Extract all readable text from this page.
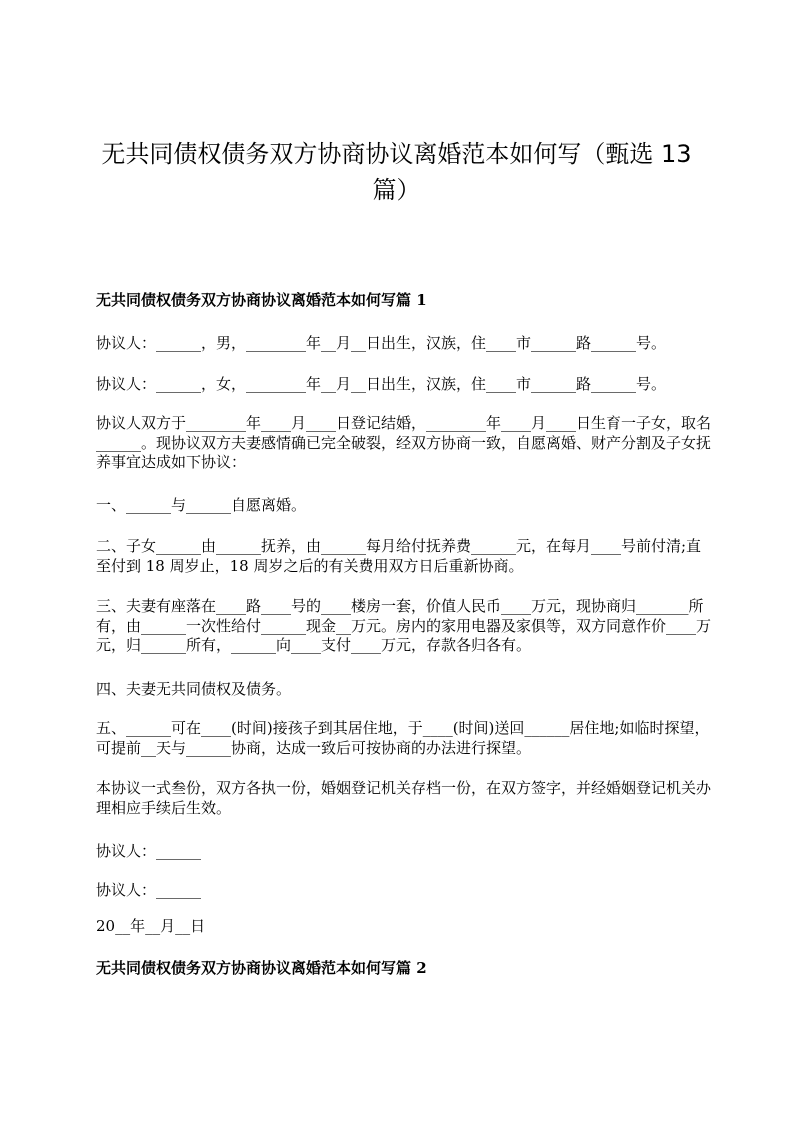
无共同债权债务双方协商协议离婚范本如何写（甄选 13 篇）
无共同债权债务双方协商协议离婚范本如何写篇 1

协议人：______，男，________年__月__日出生，汉族，住____市______路______号。

协议人：______，女，________年__月__日出生，汉族，住____市______路______号。

协议人双方于________年____月____日登记结婚，________年____月____日生育一子女，取名______。现协议双方夫妻感情确已完全破裂，经双方协商一致，自愿离婚、财产分割及子女抚养事宜达成如下协议：

一、______与______自愿离婚。

二、子女______由______抚养，由______每月给付抚养费______元，在每月____号前付清;直至付到 18 周岁止，18 周岁之后的有关费用双方日后重新协商。

三、夫妻有座落在____路____号的____楼房一套，价值人民币____万元，现协商归_______所有，由______一次性给付______现金__万元。房内的家用电器及家俱等，双方同意作价____万元，归______所有，______向____支付____万元，存款各归各有。

四、夫妻无共同债权及债务。

五、______可在____(时间)接孩子到其居住地，于____(时间)送回______居住地;如临时探望，可提前__天与______协商，达成一致后可按协商的办法进行探望。

本协议一式叁份，双方各执一份，婚姻登记机关存档一份，在双方签字，并经婚姻登记机关办理相应手续后生效。

协议人：______

协议人：______

20__年__月__日

无共同债权债务双方协商协议离婚范本如何写篇 2
